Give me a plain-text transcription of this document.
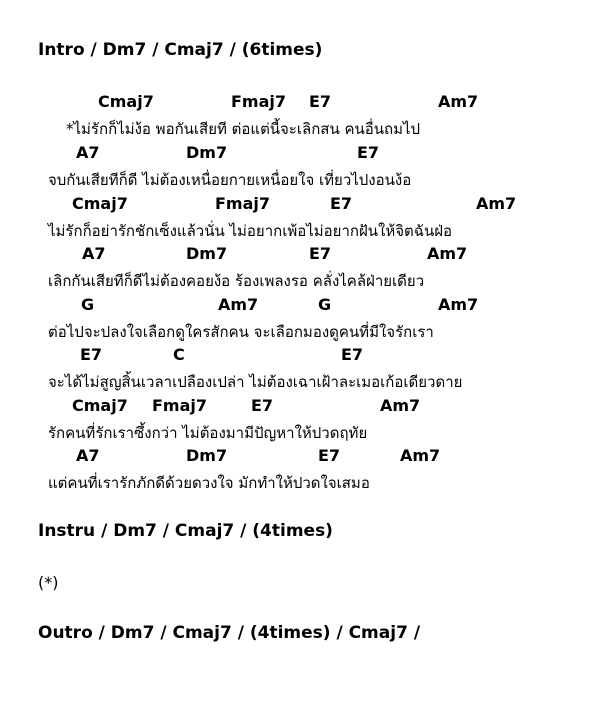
Intro / Dm7 / Cmaj7 / (6times)
Cmaj7	Fmaj7 E7	Am7
*ไม่รักก็ไม่ง้อ พอกันเสียที ต่อแต่นี้จะเลิกสน คนอื่นถมไป
A7	Dm7	E7
จบกันเสียทีก็ดี ไม่ต้องเหนื่อยกายเหนื่อยใจ เที่ยวไปงอนง้อ
Cmaj7	Fmaj7	E7	Am7
ไม่รักก็อย่ารักชักเซ็งแล้วนั่น ไม่อยากเพ้อไม่อยากฝันให้จิตฉันฝ่อ
A7	Dm7	E7	Am7
เลิกกันเสียทีก็ดีไม่ต้องคอยง้อ ร้องเพลงรอ คลั่งไคล้ฝ่ายเดียว
G	Am7	G	Am7
ต่อไปจะปลงใจเลือกดูใครสักคน จะเลือกมองดูคนที่มีใจรักเรา
E7	C	E7
จะได้ไม่สูญสิ้นเวลาเปลืองเปล่า ไม่ต้องเฉาเฝ้าละเมอเก้อเดียวดาย
Cmaj7 Fmaj7	E7	Am7
รักคนที่รักเราซึ้งกว่า ไม่ต้องมามีปัญหาให้ปวดฤทัย
A7	Dm7	E7	Am7
แต่คนที่เรารักภักดีด้วยดวงใจ มักทำให้ปวดใจเสมอ
Instru / Dm7 / Cmaj7 / (4times)
(*)
Outro / Dm7 / Cmaj7 / (4times) / Cmaj7 /
